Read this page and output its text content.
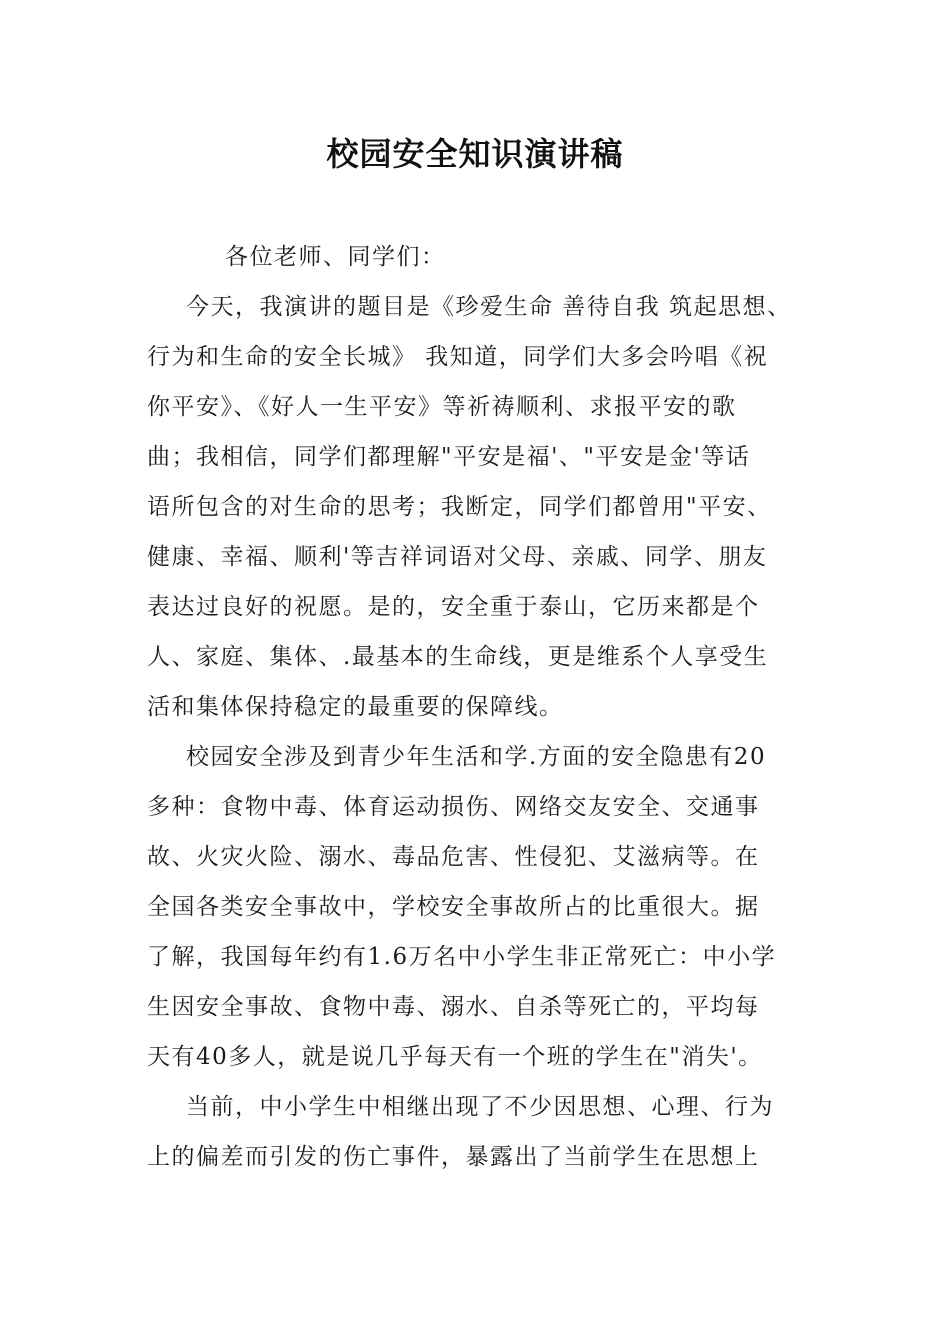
校园安全知识演讲稿
各位老师、同学们：
今天，我演讲的题目是《珍爱生命 善待自我 筑起思想、
行为和生命的安全长城》 我知道，同学们大多会吟唱《祝
你平安》、《好人一生平安》等祈祷顺利、求报平安的歌
曲；我相信，同学们都理解"平安是福'、"平安是金'等话
语所包含的对生命的思考；我断定，同学们都曾用"平安、
健康、幸福、顺利'等吉祥词语对父母、亲戚、同学、朋友
表达过良好的祝愿。是的，安全重于泰山，它历来都是个
人、家庭、集体、.最基本的生命线，更是维系个人享受生
活和集体保持稳定的最重要的保障线。
校园安全涉及到青少年生活和学.方面的安全隐患有20
多种：食物中毒、体育运动损伤、网络交友安全、交通事
故、火灾火险、溺水、毒品危害、性侵犯、艾滋病等。在
全国各类安全事故中，学校安全事故所占的比重很大。据
了解，我国每年约有1.6万名中小学生非正常死亡：中小学
生因安全事故、食物中毒、溺水、自杀等死亡的，平均每
天有40多人，就是说几乎每天有一个班的学生在"消失'。
当前，中小学生中相继出现了不少因思想、心理、行为
上的偏差而引发的伤亡事件，暴露出了当前学生在思想上
